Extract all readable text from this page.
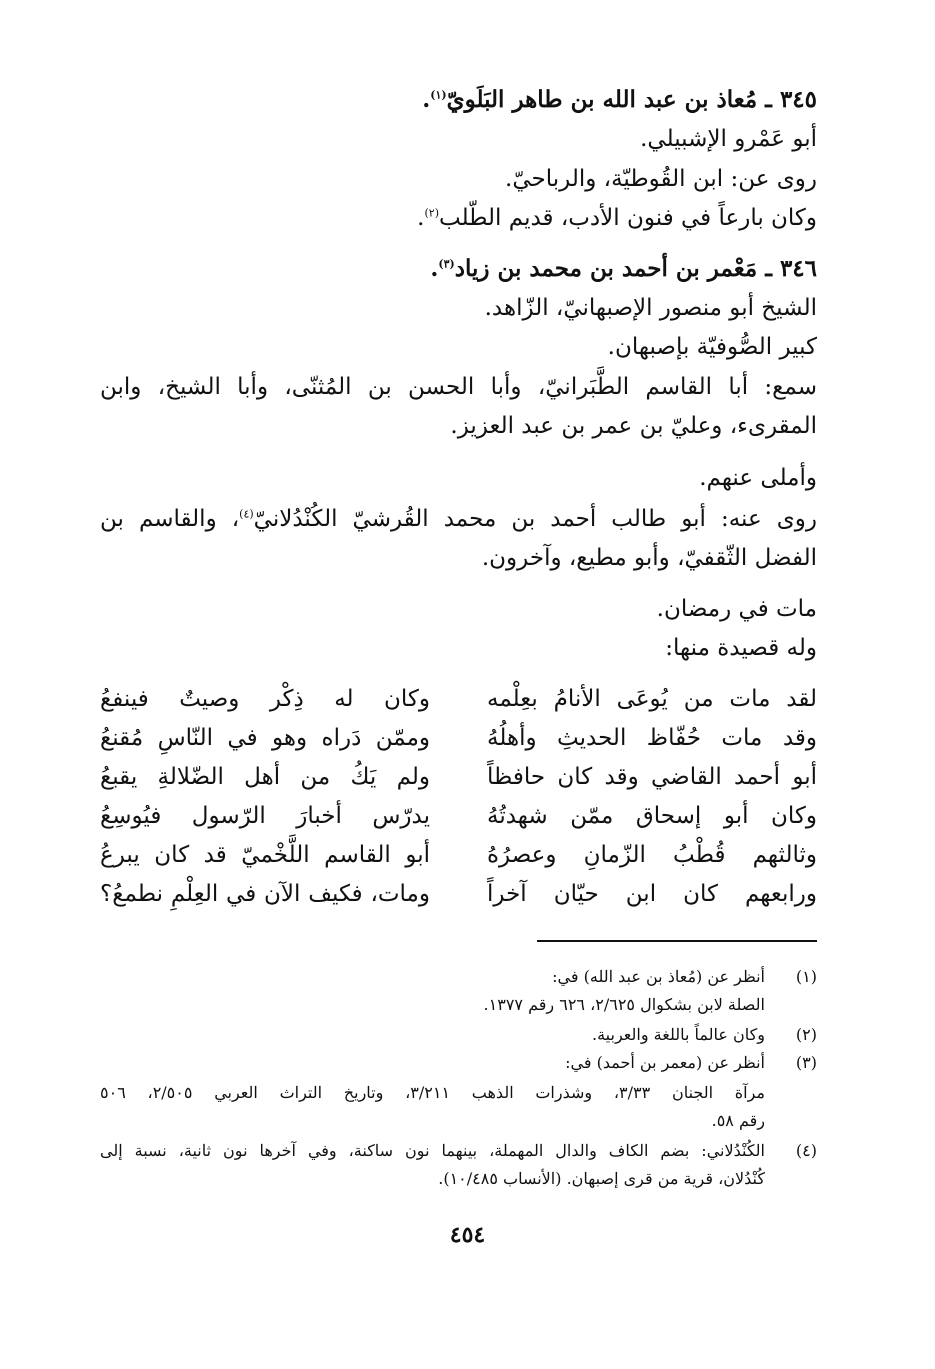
٣٤٥ ـ مُعاذ بن عبد الله بن طاهر البَلَويّ$^{(١)}$.
أبو عَمْرو الإشبيلي.
روى عن: ابن القُوطيّة، والرباحيّ.
وكان بارعاً في فنون الأدب، قديم الطّلب$^{(٢)}$.
٣٤٦ ـ مَعْمر بن أحمد بن محمد بن زياد$^{(٣)}$.
الشيخ أبو منصور الإصبهانيّ، الزّاهد.
كبير الصُّوفيّة بإصبهان.
سمع: أبا القاسم الطَّبَرانيّ، وأبا الحسن بن المُثنّى، وأبا الشيخ، وابن
المقرىء، وعليّ بن عمر بن عبد العزيز.
وأملى عنهم.
روى عنه: أبو طالب أحمد بن محمد القُرشيّ الكُنْدُلانيّ$^{(٤)}$، والقاسم بن
الفضل الثّقفيّ، وأبو مطيع، وآخرون.
مات في رمضان.
وله قصيدة منها:
لقد مات من يُوعَى الأنامُ بعِلْمه
وكان له ذِكْر وصيتٌ فينفعُ
وقد مات حُفّاظ الحديثِ وأهلُهُ
وممّن دَراه وهو في النّاسِ مُقنعُ
أبو أحمد القاضي وقد كان حافظاً
ولم يَكُ من أهل الضّلالةِ يقبعُ
وكان أبو إسحاق ممّن شهدتُهُ
يدرّس أخبارَ الرّسول فيُوسِعُ
وثالثهم قُطْبُ الزّمانِ وعصرُهُ
أبو القاسم اللَّخْميّ قد كان يبرعُ
ورابعهم كان ابن حيّان آخراً
ومات، فكيف الآن في العِلْمِ نطمعُ؟
(١)
أنظر عن (مُعاذ بن عبد الله) في:
الصلة لابن بشكوال ٢/٦٢٥، ٦٢٦ رقم ١٣٧٧.
(٢)
وكان عالماً باللغة والعربية.
(٣)
أنظر عن (معمر بن أحمد) في:
مرآة الجنان ٣/٣٣، وشذرات الذهب ٣/٢١١، وتاريخ التراث العربي ٢/٥٠٥، ٥٠٦
رقم ٥٨.
(٤)
الكُنْدُلاني: بضم الكاف والدال المهملة، بينهما نون ساكنة، وفي آخرها نون ثانية، نسبة إلى
كُنْدُلان، قرية من قرى إصبهان. (الأنساب ١٠/٤٨٥).
٤٥٤
